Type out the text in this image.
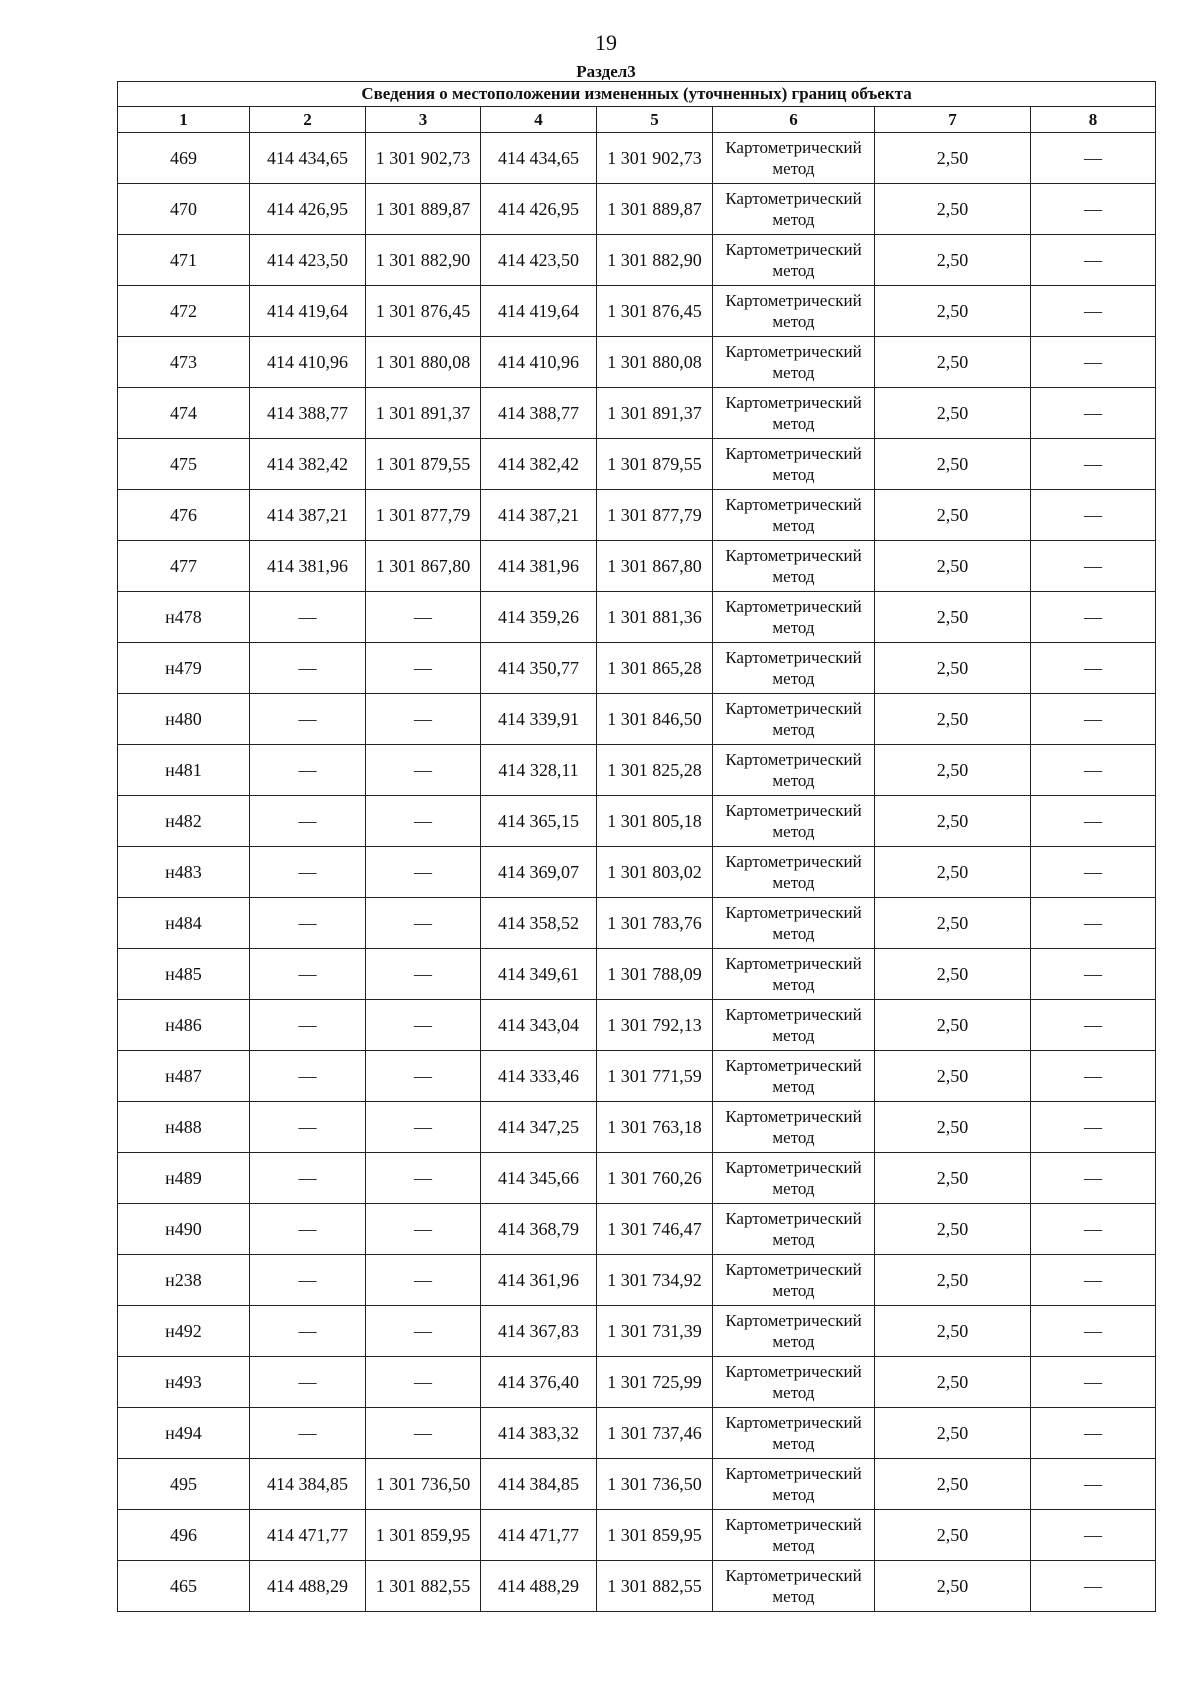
19
Раздел3
Сведения о местоположении измененных (уточненных) границ объекта							
1	2	3	4	5	6	7	8
469	414 434,65	1 301 902,73	414 434,65	1 301 902,73	Картометрический метод	2,50	—
470	414 426,95	1 301 889,87	414 426,95	1 301 889,87	Картометрический метод	2,50	—
471	414 423,50	1 301 882,90	414 423,50	1 301 882,90	Картометрический метод	2,50	—
472	414 419,64	1 301 876,45	414 419,64	1 301 876,45	Картометрический метод	2,50	—
473	414 410,96	1 301 880,08	414 410,96	1 301 880,08	Картометрический метод	2,50	—
474	414 388,77	1 301 891,37	414 388,77	1 301 891,37	Картометрический метод	2,50	—
475	414 382,42	1 301 879,55	414 382,42	1 301 879,55	Картометрический метод	2,50	—
476	414 387,21	1 301 877,79	414 387,21	1 301 877,79	Картометрический метод	2,50	—
477	414 381,96	1 301 867,80	414 381,96	1 301 867,80	Картометрический метод	2,50	—
н478	—	—	414 359,26	1 301 881,36	Картометрический метод	2,50	—
н479	—	—	414 350,77	1 301 865,28	Картометрический метод	2,50	—
н480	—	—	414 339,91	1 301 846,50	Картометрический метод	2,50	—
н481	—	—	414 328,11	1 301 825,28	Картометрический метод	2,50	—
н482	—	—	414 365,15	1 301 805,18	Картометрический метод	2,50	—
н483	—	—	414 369,07	1 301 803,02	Картометрический метод	2,50	—
н484	—	—	414 358,52	1 301 783,76	Картометрический метод	2,50	—
н485	—	—	414 349,61	1 301 788,09	Картометрический метод	2,50	—
н486	—	—	414 343,04	1 301 792,13	Картометрический метод	2,50	—
н487	—	—	414 333,46	1 301 771,59	Картометрический метод	2,50	—
н488	—	—	414 347,25	1 301 763,18	Картометрический метод	2,50	—
н489	—	—	414 345,66	1 301 760,26	Картометрический метод	2,50	—
н490	—	—	414 368,79	1 301 746,47	Картометрический метод	2,50	—
н238	—	—	414 361,96	1 301 734,92	Картометрический метод	2,50	—
н492	—	—	414 367,83	1 301 731,39	Картометрический метод	2,50	—
н493	—	—	414 376,40	1 301 725,99	Картометрический метод	2,50	—
н494	—	—	414 383,32	1 301 737,46	Картометрический метод	2,50	—
495	414 384,85	1 301 736,50	414 384,85	1 301 736,50	Картометрический метод	2,50	—
496	414 471,77	1 301 859,95	414 471,77	1 301 859,95	Картометрический метод	2,50	—
465	414 488,29	1 301 882,55	414 488,29	1 301 882,55	Картометрический метод	2,50	—
